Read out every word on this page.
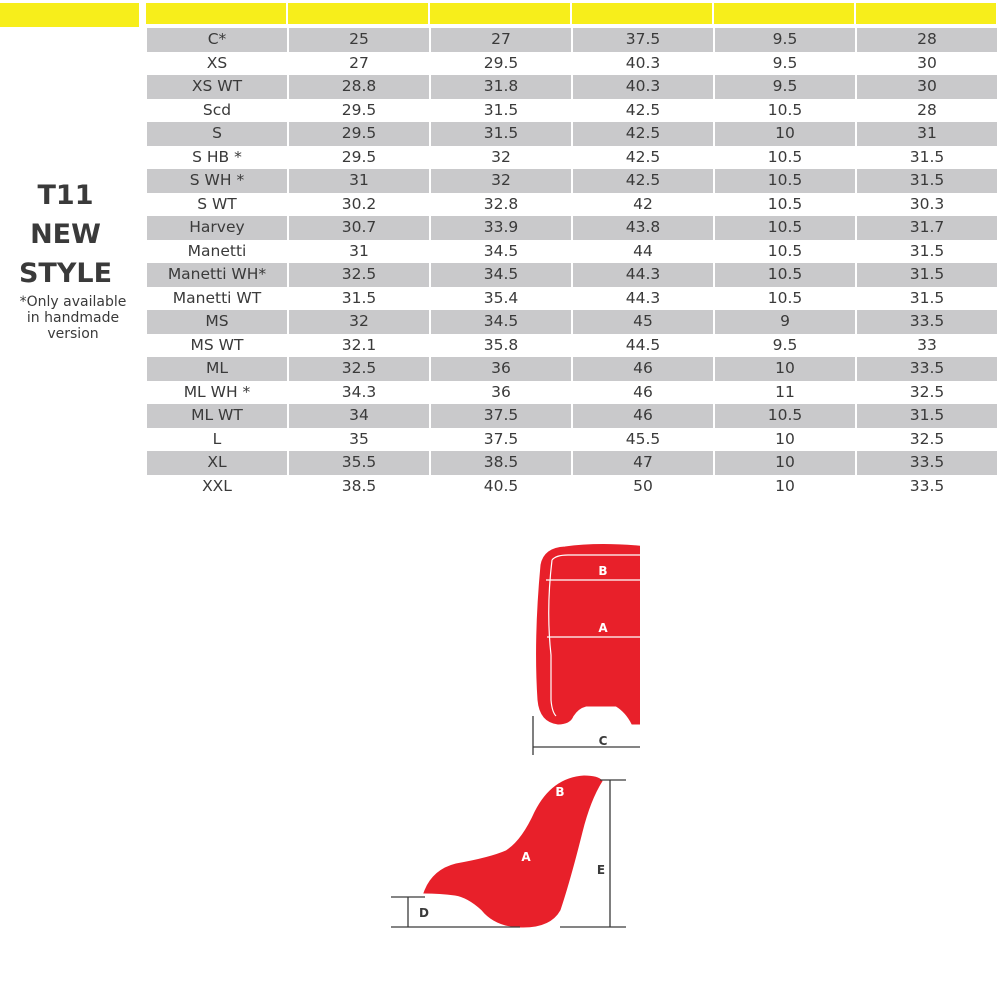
T11
NEW
STYLE
*Only available
in handmade
version
C*	25	27	37.5	9.5	28
XS	27	29.5	40.3	9.5	30
XS WT	28.8	31.8	40.3	9.5	30
Scd	29.5	31.5	42.5	10.5	28
S	29.5	31.5	42.5	10	31
S HB *	29.5	32	42.5	10.5	31.5
S WH *	31	32	42.5	10.5	31.5
S WT	30.2	32.8	42	10.5	30.3
Harvey	30.7	33.9	43.8	10.5	31.7
Manetti	31	34.5	44	10.5	31.5
Manetti WH*	32.5	34.5	44.3	10.5	31.5
Manetti WT	31.5	35.4	44.3	10.5	31.5
MS	32	34.5	45	9	33.5
MS WT	32.1	35.8	44.5	9.5	33
ML	32.5	36	46	10	33.5
ML WH *	34.3	36	46	11	32.5
ML WT	34	37.5	46	10.5	31.5
L	35	37.5	45.5	10	32.5
XL	35.5	38.5	47	10	33.5
XXL	38.5	40.5	50	10	33.5
B
A
C
B
A
E
D
